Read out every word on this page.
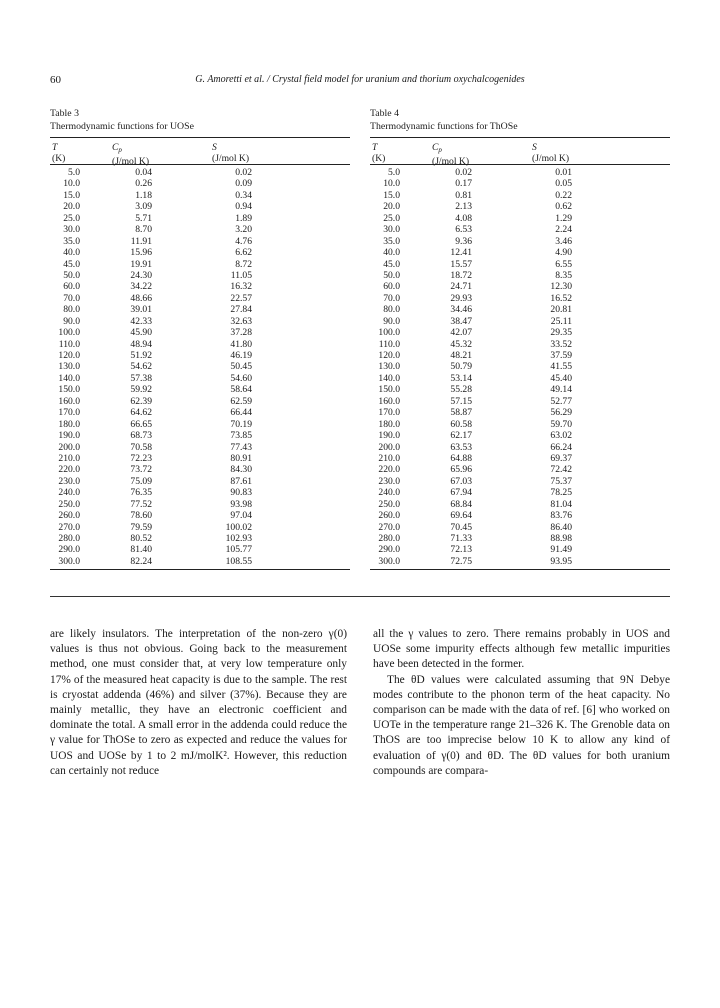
60	G. Amoretti et al. / Crystal field model for uranium and thorium oxychalcogenides
Table 3
Thermodynamic functions for UOSe
T
(K)
$C_p$
(J/mol K)
S
(J/mol K)
5.0	0.04	0.02
10.0	0.26	0.09
15.0	1.18	0.34
20.0	3.09	0.94
25.0	5.71	1.89
30.0	8.70	3.20
35.0	11.91	4.76
40.0	15.96	6.62
45.0	19.91	8.72
50.0	24.30	11.05
60.0	34.22	16.32
70.0	48.66	22.57
80.0	39.01	27.84
90.0	42.33	32.63
100.0	45.90	37.28
110.0	48.94	41.80
120.0	51.92	46.19
130.0	54.62	50.45
140.0	57.38	54.60
150.0	59.92	58.64
160.0	62.39	62.59
170.0	64.62	66.44
180.0	66.65	70.19
190.0	68.73	73.85
200.0	70.58	77.43
210.0	72.23	80.91
220.0	73.72	84.30
230.0	75.09	87.61
240.0	76.35	90.83
250.0	77.52	93.98
260.0	78.60	97.04
270.0	79.59	100.02
280.0	80.52	102.93
290.0	81.40	105.77
300.0	82.24	108.55
Table 4
Thermodynamic functions for ThOSe
T
(K)
$C_p$
(J/mol K)
S
(J/mol K)
5.0	0.02	0.01
10.0	0.17	0.05
15.0	0.81	0.22
20.0	2.13	0.62
25.0	4.08	1.29
30.0	6.53	2.24
35.0	9.36	3.46
40.0	12.41	4.90
45.0	15.57	6.55
50.0	18.72	8.35
60.0	24.71	12.30
70.0	29.93	16.52
80.0	34.46	20.81
90.0	38.47	25.11
100.0	42.07	29.35
110.0	45.32	33.52
120.0	48.21	37.59
130.0	50.79	41.55
140.0	53.14	45.40
150.0	55.28	49.14
160.0	57.15	52.77
170.0	58.87	56.29
180.0	60.58	59.70
190.0	62.17	63.02
200.0	63.53	66.24
210.0	64.88	69.37
220.0	65.96	72.42
230.0	67.03	75.37
240.0	67.94	78.25
250.0	68.84	81.04
260.0	69.64	83.76
270.0	70.45	86.40
280.0	71.33	88.98
290.0	72.13	91.49
300.0	72.75	93.95

are likely insulators. The interpretation of the non-zero γ(0) values is thus not obvious. Going back to the measurement method, one must consider that, at very low temperature only 17% of the measured heat capacity is due to the sample. The rest is cryostat addenda (46%) and silver (37%). Because they are mainly metallic, they have an electronic coefficient and dominate the total. A small error in the addenda could reduce the γ value for ThOSe to zero as expected and reduce the values for UOS and UOSe by 1 to 2 mJ/molK². However, this reduction can certainly not reduce

all the γ values to zero. There remains probably in UOS and UOSe some impurity effects although few metallic impurities have been detected in the former.

The θD values were calculated assuming that 9N Debye modes contribute to the phonon term of the heat capacity. No comparison can be made with the data of ref. [6] who worked on UOTe in the temperature range 21–326 K. The Grenoble data on ThOS are too imprecise below 10 K to allow any kind of evaluation of γ(0) and θD. The θD values for both uranium compounds are compara-
